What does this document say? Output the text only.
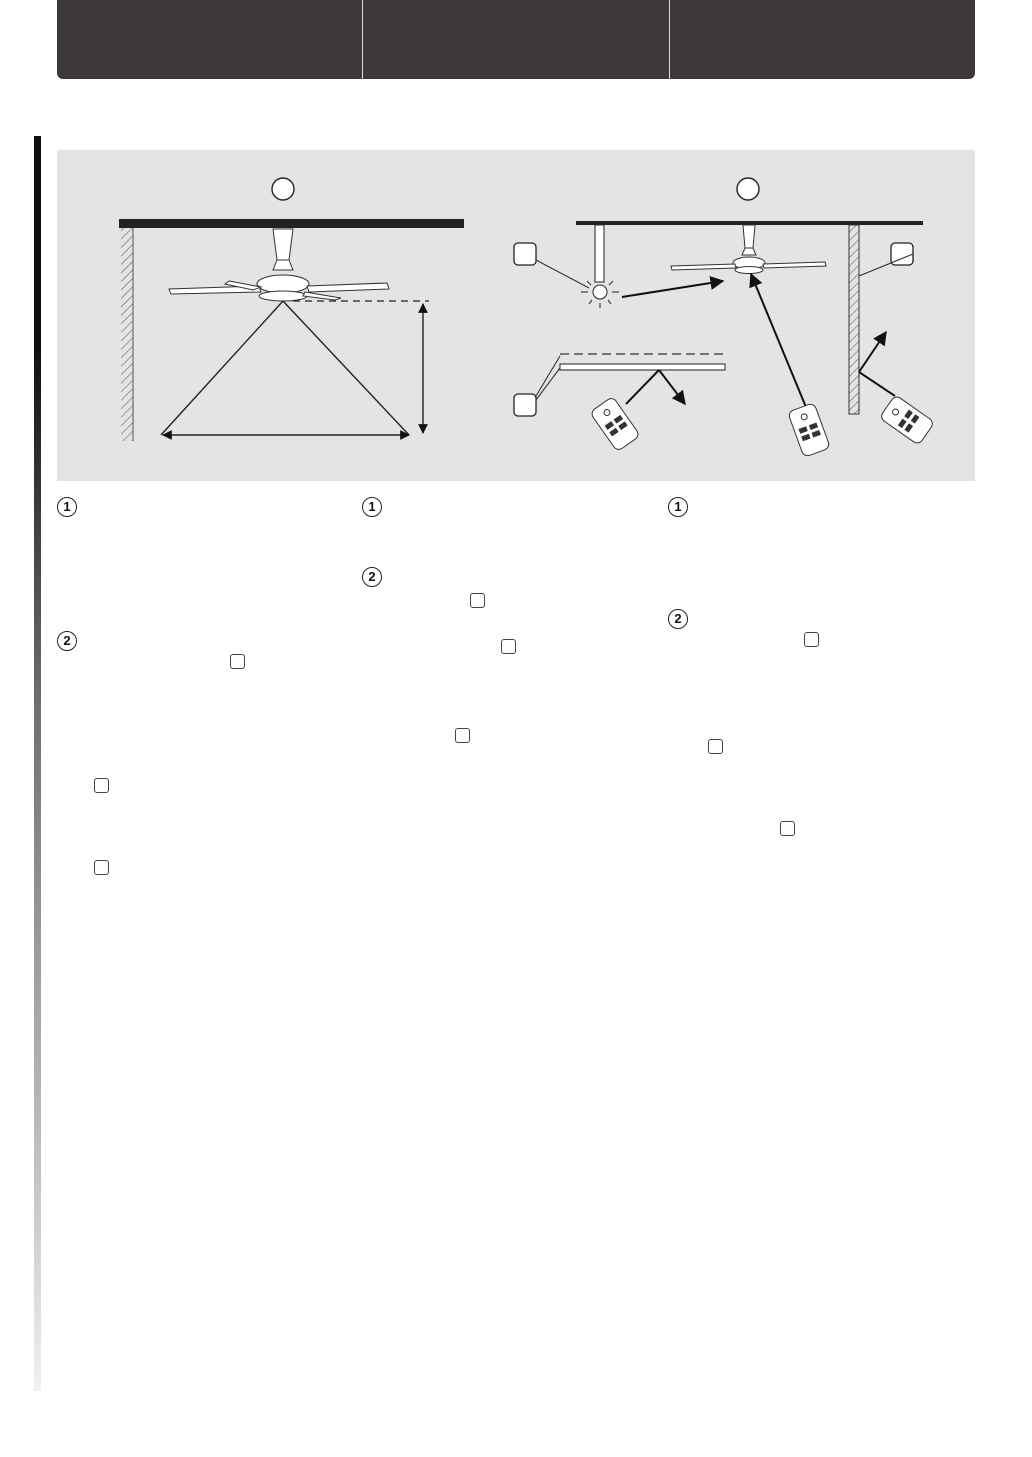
1
2
1
2
1
2
